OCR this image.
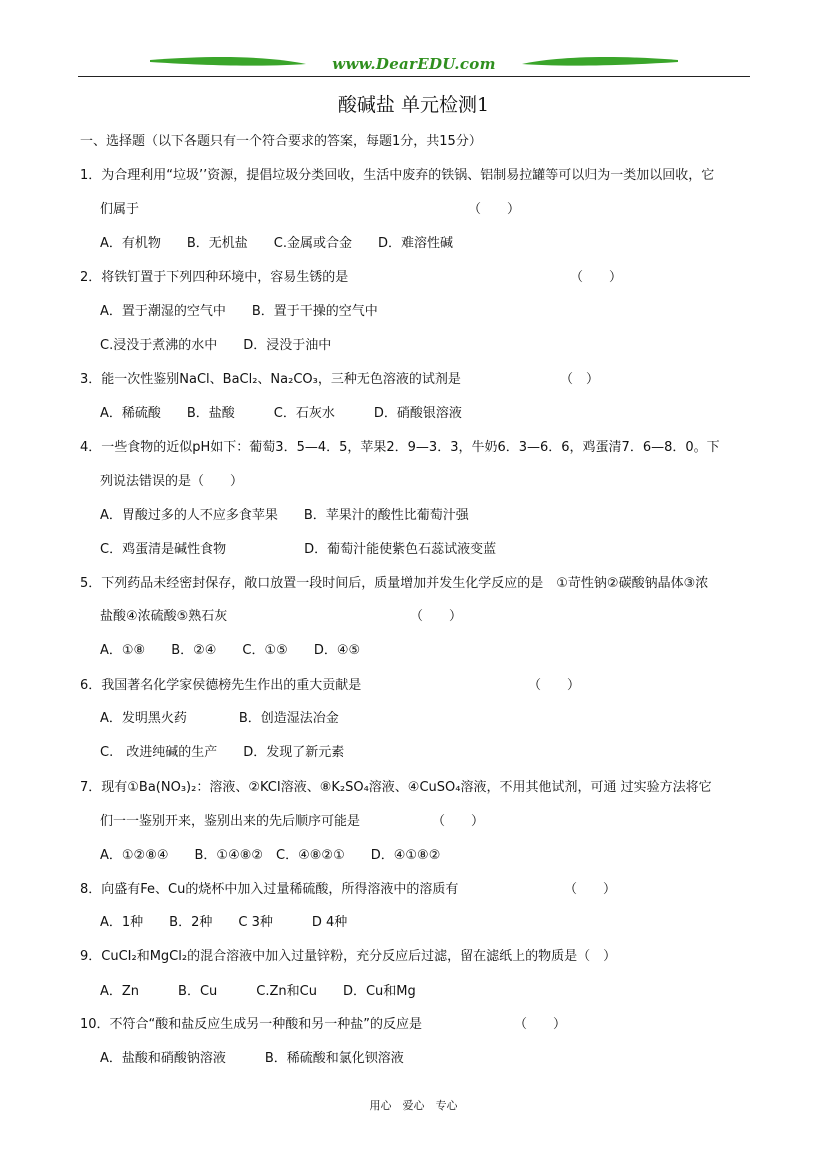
www.DearEDU.com
酸碱盐 单元检测1
一、选择题（以下各题只有一个符合要求的答案，每题1分，共15分）
1．为合理利用“垃圾’’资源，提倡垃圾分类回收，生活中废弃的铁锅、铝制易拉罐等可以归为一类加以回收，它
们属于	（　　）
A．有机物　　B．无机盐　　C.金属或合金　　D．难溶性碱
2．将铁钉置于下列四种环境中，容易生锈的是	（　　）
A．置于潮湿的空气中　　B．置于干操的空气中
C.浸没于煮沸的水中　　D．浸没于油中
3．能一次性鉴别NaCl、BaCl₂、Na₂CO₃，三种无色溶液的试剂是	（　）
A．稀硫酸　　B．盐酸　　　C．石灰水　　　D．硝酸银溶液
4．一些食物的近似pH如下：葡萄3．5—4．5，苹果2．9—3．3，牛奶6．3—6．6，鸡蛋清7．6—8．0。下
列说法错误的是（　　）
A．胃酸过多的人不应多食苹果　　B．苹果汁的酸性比葡萄汁强
C．鸡蛋清是碱性食物　　　　　　D．葡萄汁能使紫色石蕊试液变蓝
5．下列药品未经密封保存，敞口放置一段时间后，质量增加并发生化学反应的是　①苛性钠②碳酸钠晶体③浓
盐酸④浓硫酸⑤熟石灰	（　　）
A．①⑧　　B．②④　　C．①⑤　　D．④⑤
6．我国著名化学家侯德榜先生作出的重大贡献是	（　　）
A．发明黑火药　　　　B．创造湿法冶金
C.　改进纯碱的生产　　D．发现了新元素
7．现有①Ba(NO₃)₂：溶液、②KCI溶液、⑧K₂SO₄溶液、④CuSO₄溶液，不用其他试剂，可通 过实验方法将它
们一一鉴别开来，鉴别出来的先后顺序可能是	（　　）
A．①②⑧④　　B．①④⑧②　C．④⑧②①　　D．④①⑧②
8．向盛有Fe、Cu的烧杯中加入过量稀硫酸，所得溶液中的溶质有	（　　）
A．1种　　B．2种　　C 3种　　　D 4种
9．CuCI₂和MgCl₂的混合溶液中加入过量锌粉，充分反应后过滤，留在滤纸上的物质是（　）
A．Zn　　　B．Cu　　　C.Zn和Cu　　D．Cu和Mg
10．不符合“酸和盐反应生成另一种酸和另一种盐”的反应是	（　　）
A．盐酸和硝酸钠溶液　　　B．稀硫酸和氯化钡溶液
用心　爱心　专心
